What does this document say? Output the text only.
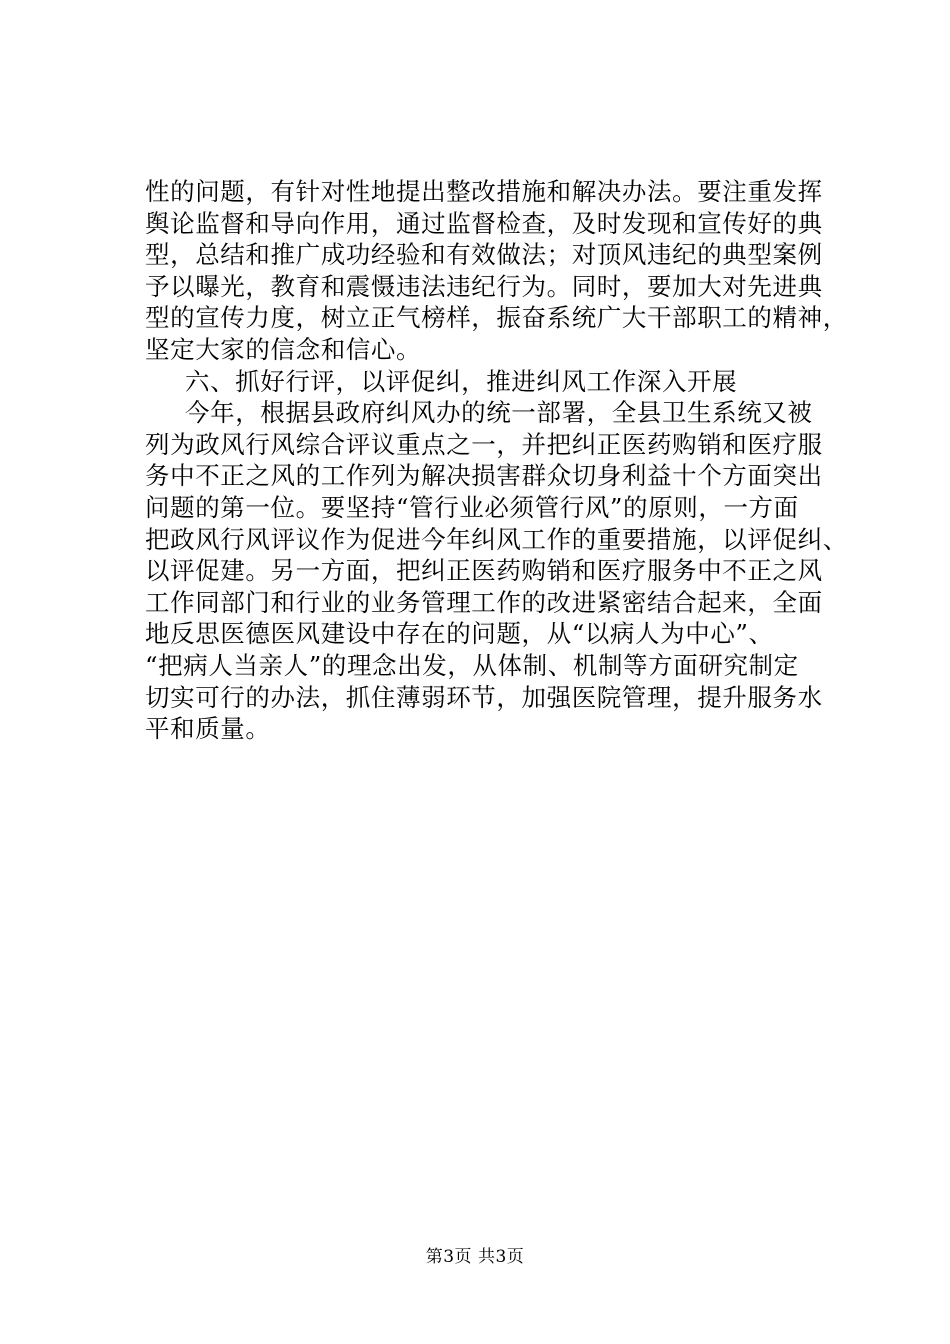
性的问题，有针对性地提出整改措施和解决办法。要注重发挥
舆论监督和导向作用，通过监督检查，及时发现和宣传好的典
型，总结和推广成功经验和有效做法；对顶风违纪的典型案例
予以曝光，教育和震慑违法违纪行为。同时，要加大对先进典
型的宣传力度，树立正气榜样，振奋系统广大干部职工的精神，
坚定大家的信念和信心。
六、抓好行评，以评促纠，推进纠风工作深入开展
今年，根据县政府纠风办的统一部署，全县卫生系统又被
列为政风行风综合评议重点之一，并把纠正医药购销和医疗服
务中不正之风的工作列为解决损害群众切身利益十个方面突出
问题的第一位。要坚持“管行业必须管行风”的原则，一方面
把政风行风评议作为促进今年纠风工作的重要措施，以评促纠、
以评促建。另一方面，把纠正医药购销和医疗服务中不正之风
工作同部门和行业的业务管理工作的改进紧密结合起来，全面
地反思医德医风建设中存在的问题，从“以病人为中心”、
“把病人当亲人”的理念出发，从体制、机制等方面研究制定
切实可行的办法，抓住薄弱环节，加强医院管理，提升服务水
平和质量。
第3页 共3页
